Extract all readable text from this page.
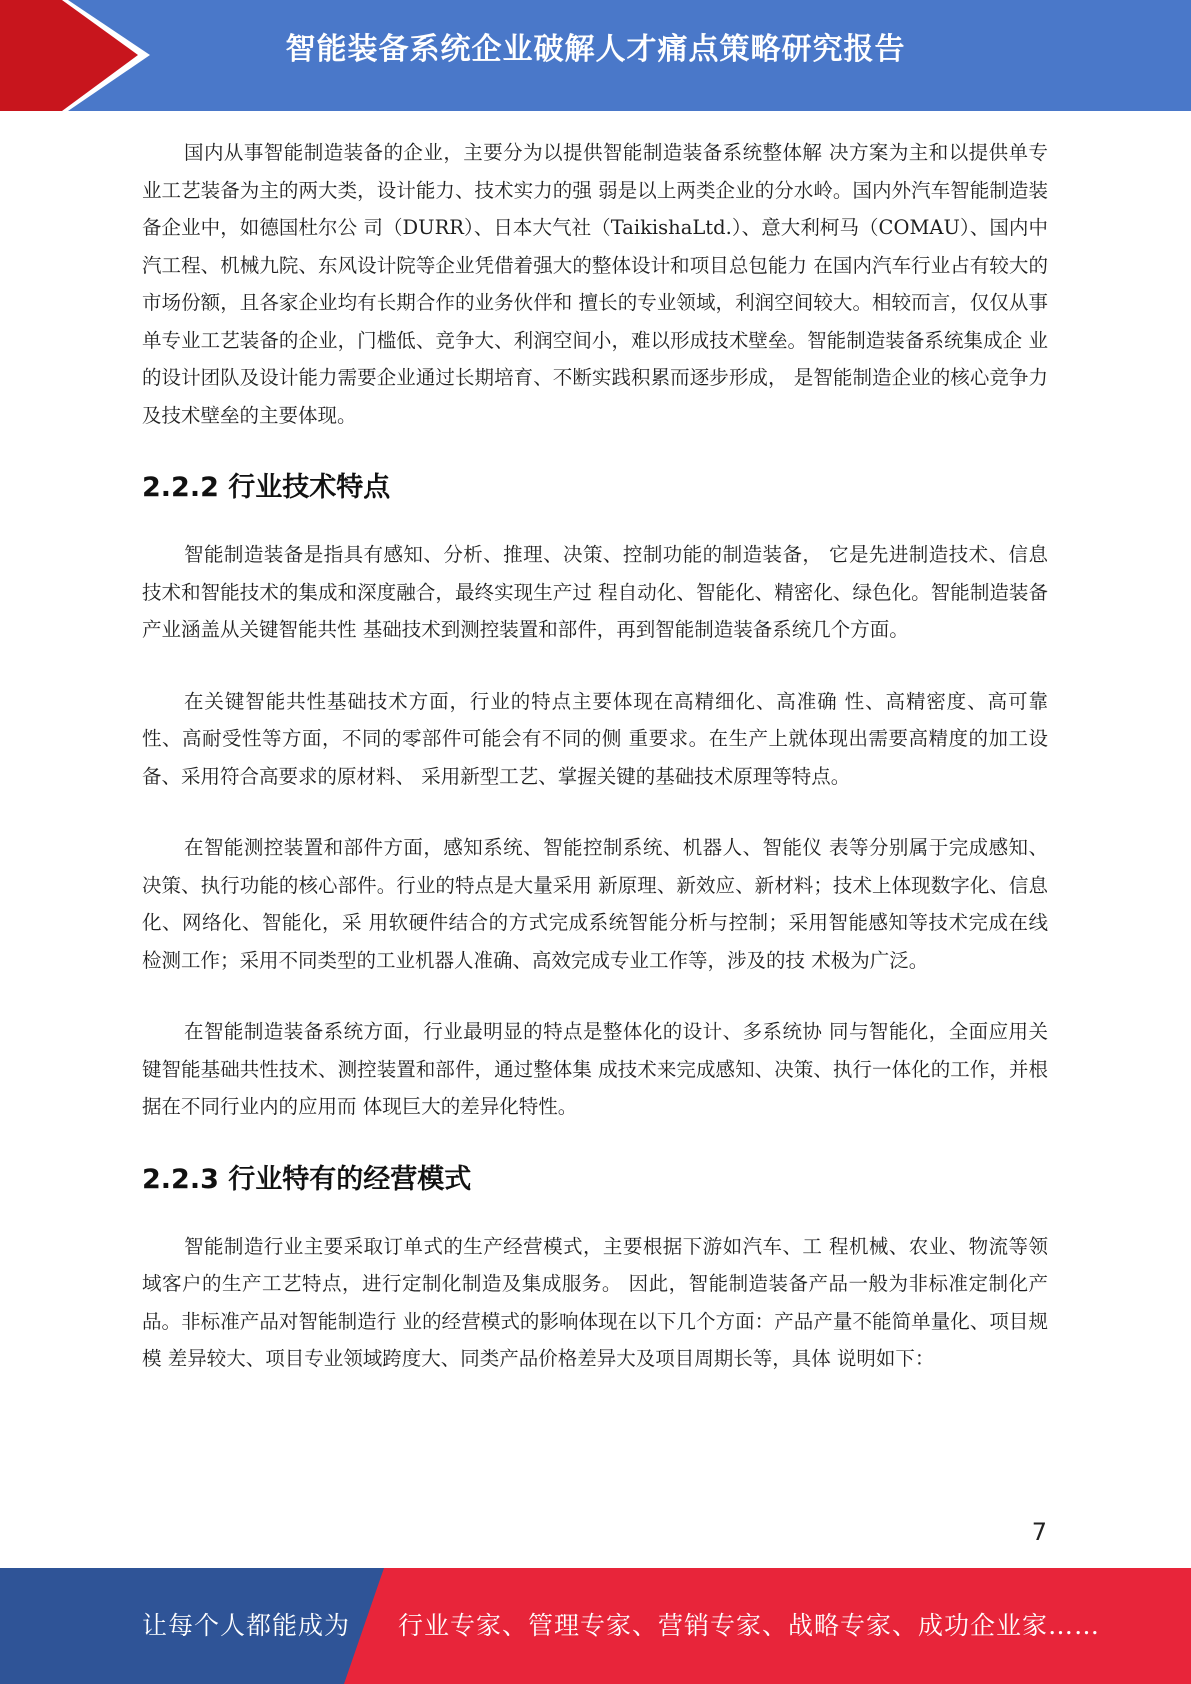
智能装备系统企业破解人才痛点策略研究报告

国内从事智能制造装备的企业，主要分为以提供智能制造装备系统整体解 决方案为主和以提供单专业工艺装备为主的两大类，设计能力、技术实力的强 弱是以上两类企业的分水岭。国内外汽车智能制造装备企业中，如德国杜尔公 司（DURR）、日本大气社（TaikishaLtd.）、意大利柯马（COMAU）、国内中 汽工程、机械九院、东风设计院等企业凭借着强大的整体设计和项目总包能力 在国内汽车行业占有较大的市场份额，且各家企业均有长期合作的业务伙伴和 擅长的专业领域，利润空间较大。相较而言，仅仅从事单专业工艺装备的企业，门槛低、竞争大、利润空间小，难以形成技术壁垒。智能制造装备系统集成企 业的设计团队及设计能力需要企业通过长期培育、不断实践积累而逐步形成， 是智能制造企业的核心竞争力及技术壁垒的主要体现。

2.2.2 行业技术特点

智能制造装备是指具有感知、分析、推理、决策、控制功能的制造装备， 它是先进制造技术、信息技术和智能技术的集成和深度融合，最终实现生产过 程自动化、智能化、精密化、绿色化。智能制造装备产业涵盖从关键智能共性 基础技术到测控装置和部件，再到智能制造装备系统几个方面。

在关键智能共性基础技术方面，行业的特点主要体现在高精细化、高准确 性、高精密度、高可靠性、高耐受性等方面，不同的零部件可能会有不同的侧 重要求。在生产上就体现出需要高精度的加工设备、采用符合高要求的原材料、 采用新型工艺、掌握关键的基础技术原理等特点。

在智能测控装置和部件方面，感知系统、智能控制系统、机器人、智能仪 表等分别属于完成感知、决策、执行功能的核心部件。行业的特点是大量采用 新原理、新效应、新材料；技术上体现数字化、信息化、网络化、智能化，采 用软硬件结合的方式完成系统智能分析与控制；采用智能感知等技术完成在线 检测工作；采用不同类型的工业机器人准确、高效完成专业工作等，涉及的技 术极为广泛。

在智能制造装备系统方面，行业最明显的特点是整体化的设计、多系统协 同与智能化，全面应用关键智能基础共性技术、测控装置和部件，通过整体集 成技术来完成感知、决策、执行一体化的工作，并根据在不同行业内的应用而 体现巨大的差异化特性。

2.2.3 行业特有的经营模式

智能制造行业主要采取订单式的生产经营模式，主要根据下游如汽车、工 程机械、农业、物流等领域客户的生产工艺特点，进行定制化制造及集成服务。 因此，智能制造装备产品一般为非标准定制化产品。非标准产品对智能制造行 业的经营模式的影响体现在以下几个方面：产品产量不能简单量化、项目规模 差异较大、项目专业领域跨度大、同类产品价格差异大及项目周期长等，具体 说明如下：

7
让每个人都能成为 行业专家、管理专家、营销专家、战略专家、成功企业家……
